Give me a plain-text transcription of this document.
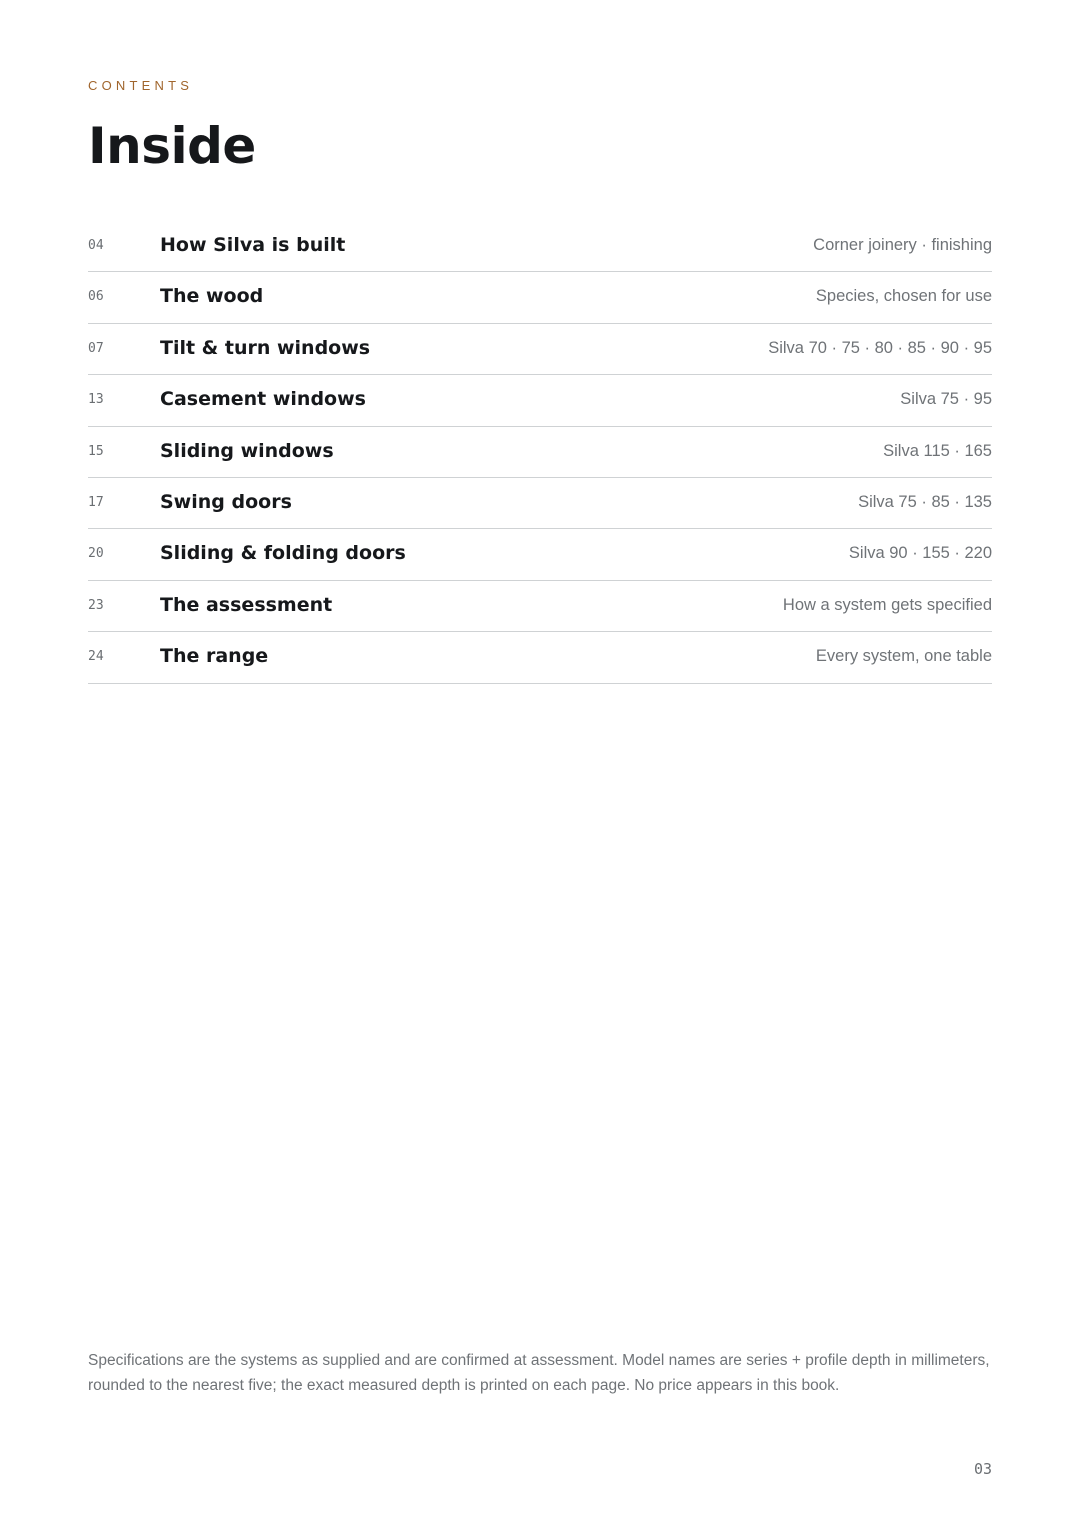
CONTENTS
Inside
04	How Silva is built	Corner joinery · finishing
06	The wood	Species, chosen for use
07	Tilt & turn windows	Silva 70 · 75 · 80 · 85 · 90 · 95
13	Casement windows	Silva 75 · 95
15	Sliding windows	Silva 115 · 165
17	Swing doors	Silva 75 · 85 · 135
20	Sliding & folding doors	Silva 90 · 155 · 220
23	The assessment	How a system gets specified
24	The range	Every system, one table

Specifications are the systems as supplied and are confirmed at assessment. Model names are series + profile depth in millimeters, rounded to the nearest five; the exact measured depth is printed on each page. No price appears in this book.

03
